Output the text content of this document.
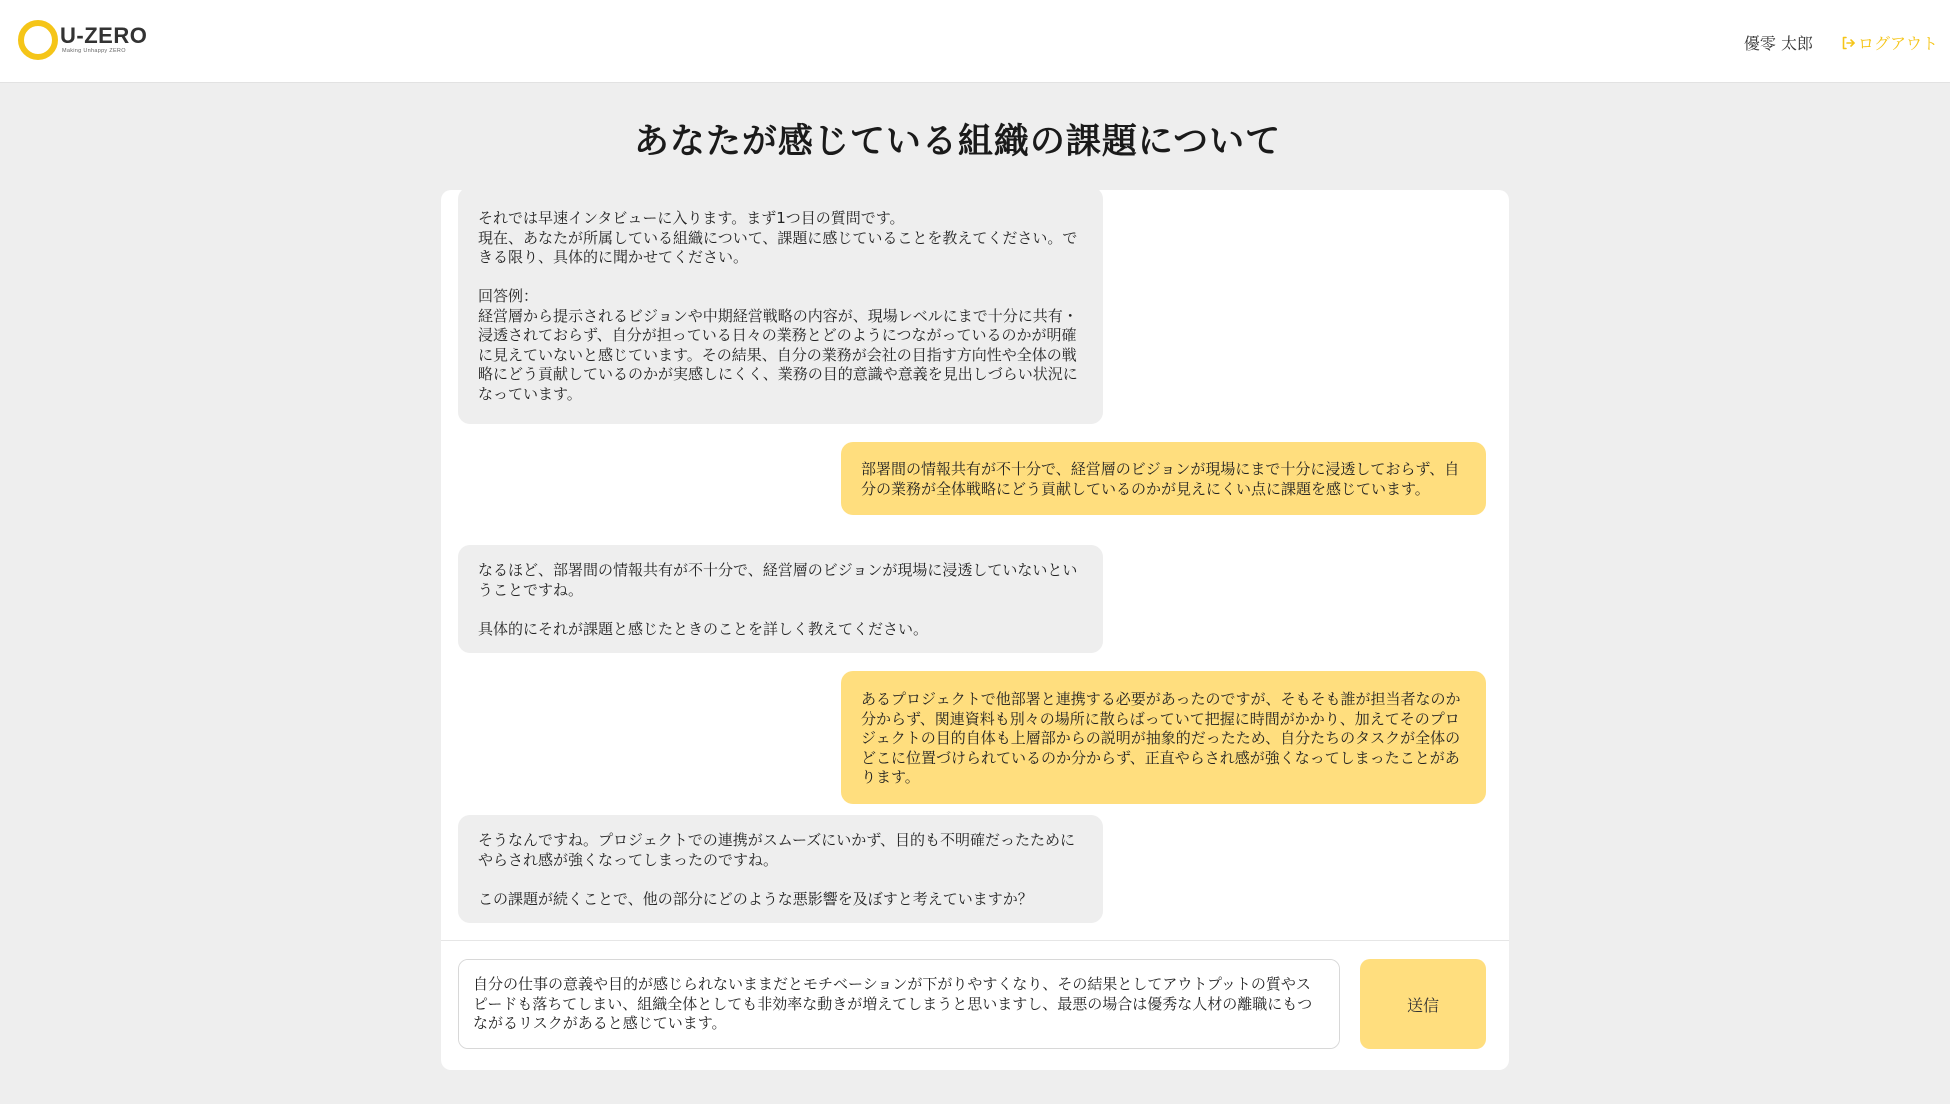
U-ZERO
Making Unhappy ZERO	優零 太郎	ログアウト
あなたが感じている組織の課題について
それでは早速インタビューに入ります。まず1つ目の質問です。
現在、あなたが所属している組織について、課題に感じていることを教えてください。できる限り、具体的に聞かせてください。

回答例：
経営層から提示されるビジョンや中期経営戦略の内容が、現場レベルにまで十分に共有・浸透されておらず、自分が担っている日々の業務とどのようにつながっているのかが明確に見えていないと感じています。その結果、自分の業務が会社の目指す方向性や全体の戦略にどう貢献しているのかが実感しにくく、業務の目的意識や意義を見出しづらい状況になっています。
部署間の情報共有が不十分で、経営層のビジョンが現場にまで十分に浸透しておらず、自分の業務が全体戦略にどう貢献しているのかが見えにくい点に課題を感じています。
なるほど、部署間の情報共有が不十分で、経営層のビジョンが現場に浸透していないということですね。

具体的にそれが課題と感じたときのことを詳しく教えてください。
あるプロジェクトで他部署と連携する必要があったのですが、そもそも誰が担当者なのか分からず、関連資料も別々の場所に散らばっていて把握に時間がかかり、加えてそのプロジェクトの目的自体も上層部からの説明が抽象的だったため、自分たちのタスクが全体のどこに位置づけられているのか分からず、正直やらされ感が強くなってしまったことがあります。
そうなんですね。プロジェクトでの連携がスムーズにいかず、目的も不明確だったためにやらされ感が強くなってしまったのですね。

この課題が続くことで、他の部分にどのような悪影響を及ぼすと考えていますか？
自分の仕事の意義や目的が感じられないままだとモチベーションが下がりやすくなり、その結果としてアウトプットの質やスピードも落ちてしまい、組織全体としても非効率な動きが増えてしまうと思いますし、最悪の場合は優秀な人材の離職にもつながるリスクがあると感じています。
送信
